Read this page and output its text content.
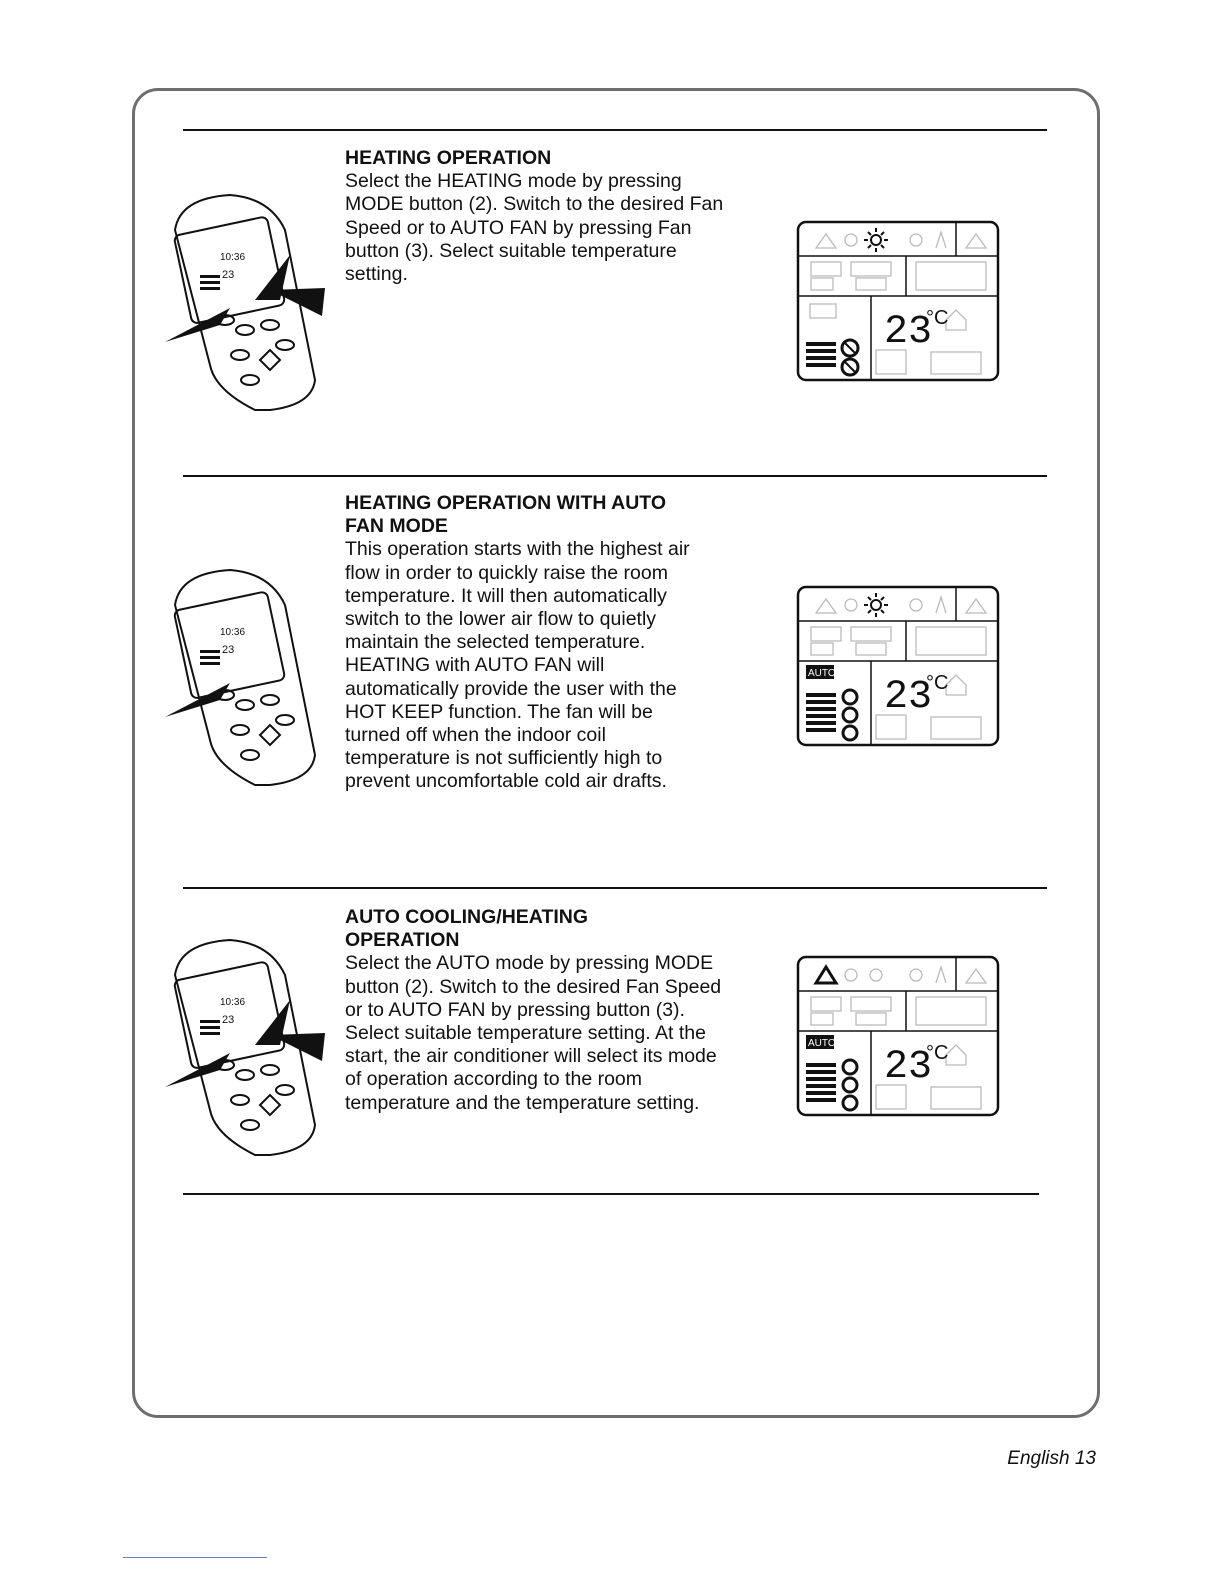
HEATING OPERATION

Select the HEATING mode by pressing MODE button (2). Switch to the desired Fan Speed or to AUTO FAN by pressing Fan button (3). Select suitable temperature setting.

10:36
23
23
°C

HEATING OPERATION WITH AUTO FAN MODE

This operation starts with the highest air flow in order to quickly raise the room temperature. It will then automatically switch to the lower air flow to quietly maintain the selected temperature. HEATING with AUTO FAN will automatically provide the user with the HOT KEEP function. The fan will be turned off when the indoor coil temperature is not sufficiently high to prevent uncomfortable cold air drafts.

10:36
23
AUTO
23
°C

AUTO COOLING/HEATING OPERATION

Select the AUTO mode by pressing MODE button (2). Switch to the desired Fan Speed or to AUTO FAN by pressing button (3). Select suitable temperature setting. At the start, the air conditioner will select its mode of operation according to the room temperature and the temperature setting.

10:36
23
AUTO
23
°C
English 13
